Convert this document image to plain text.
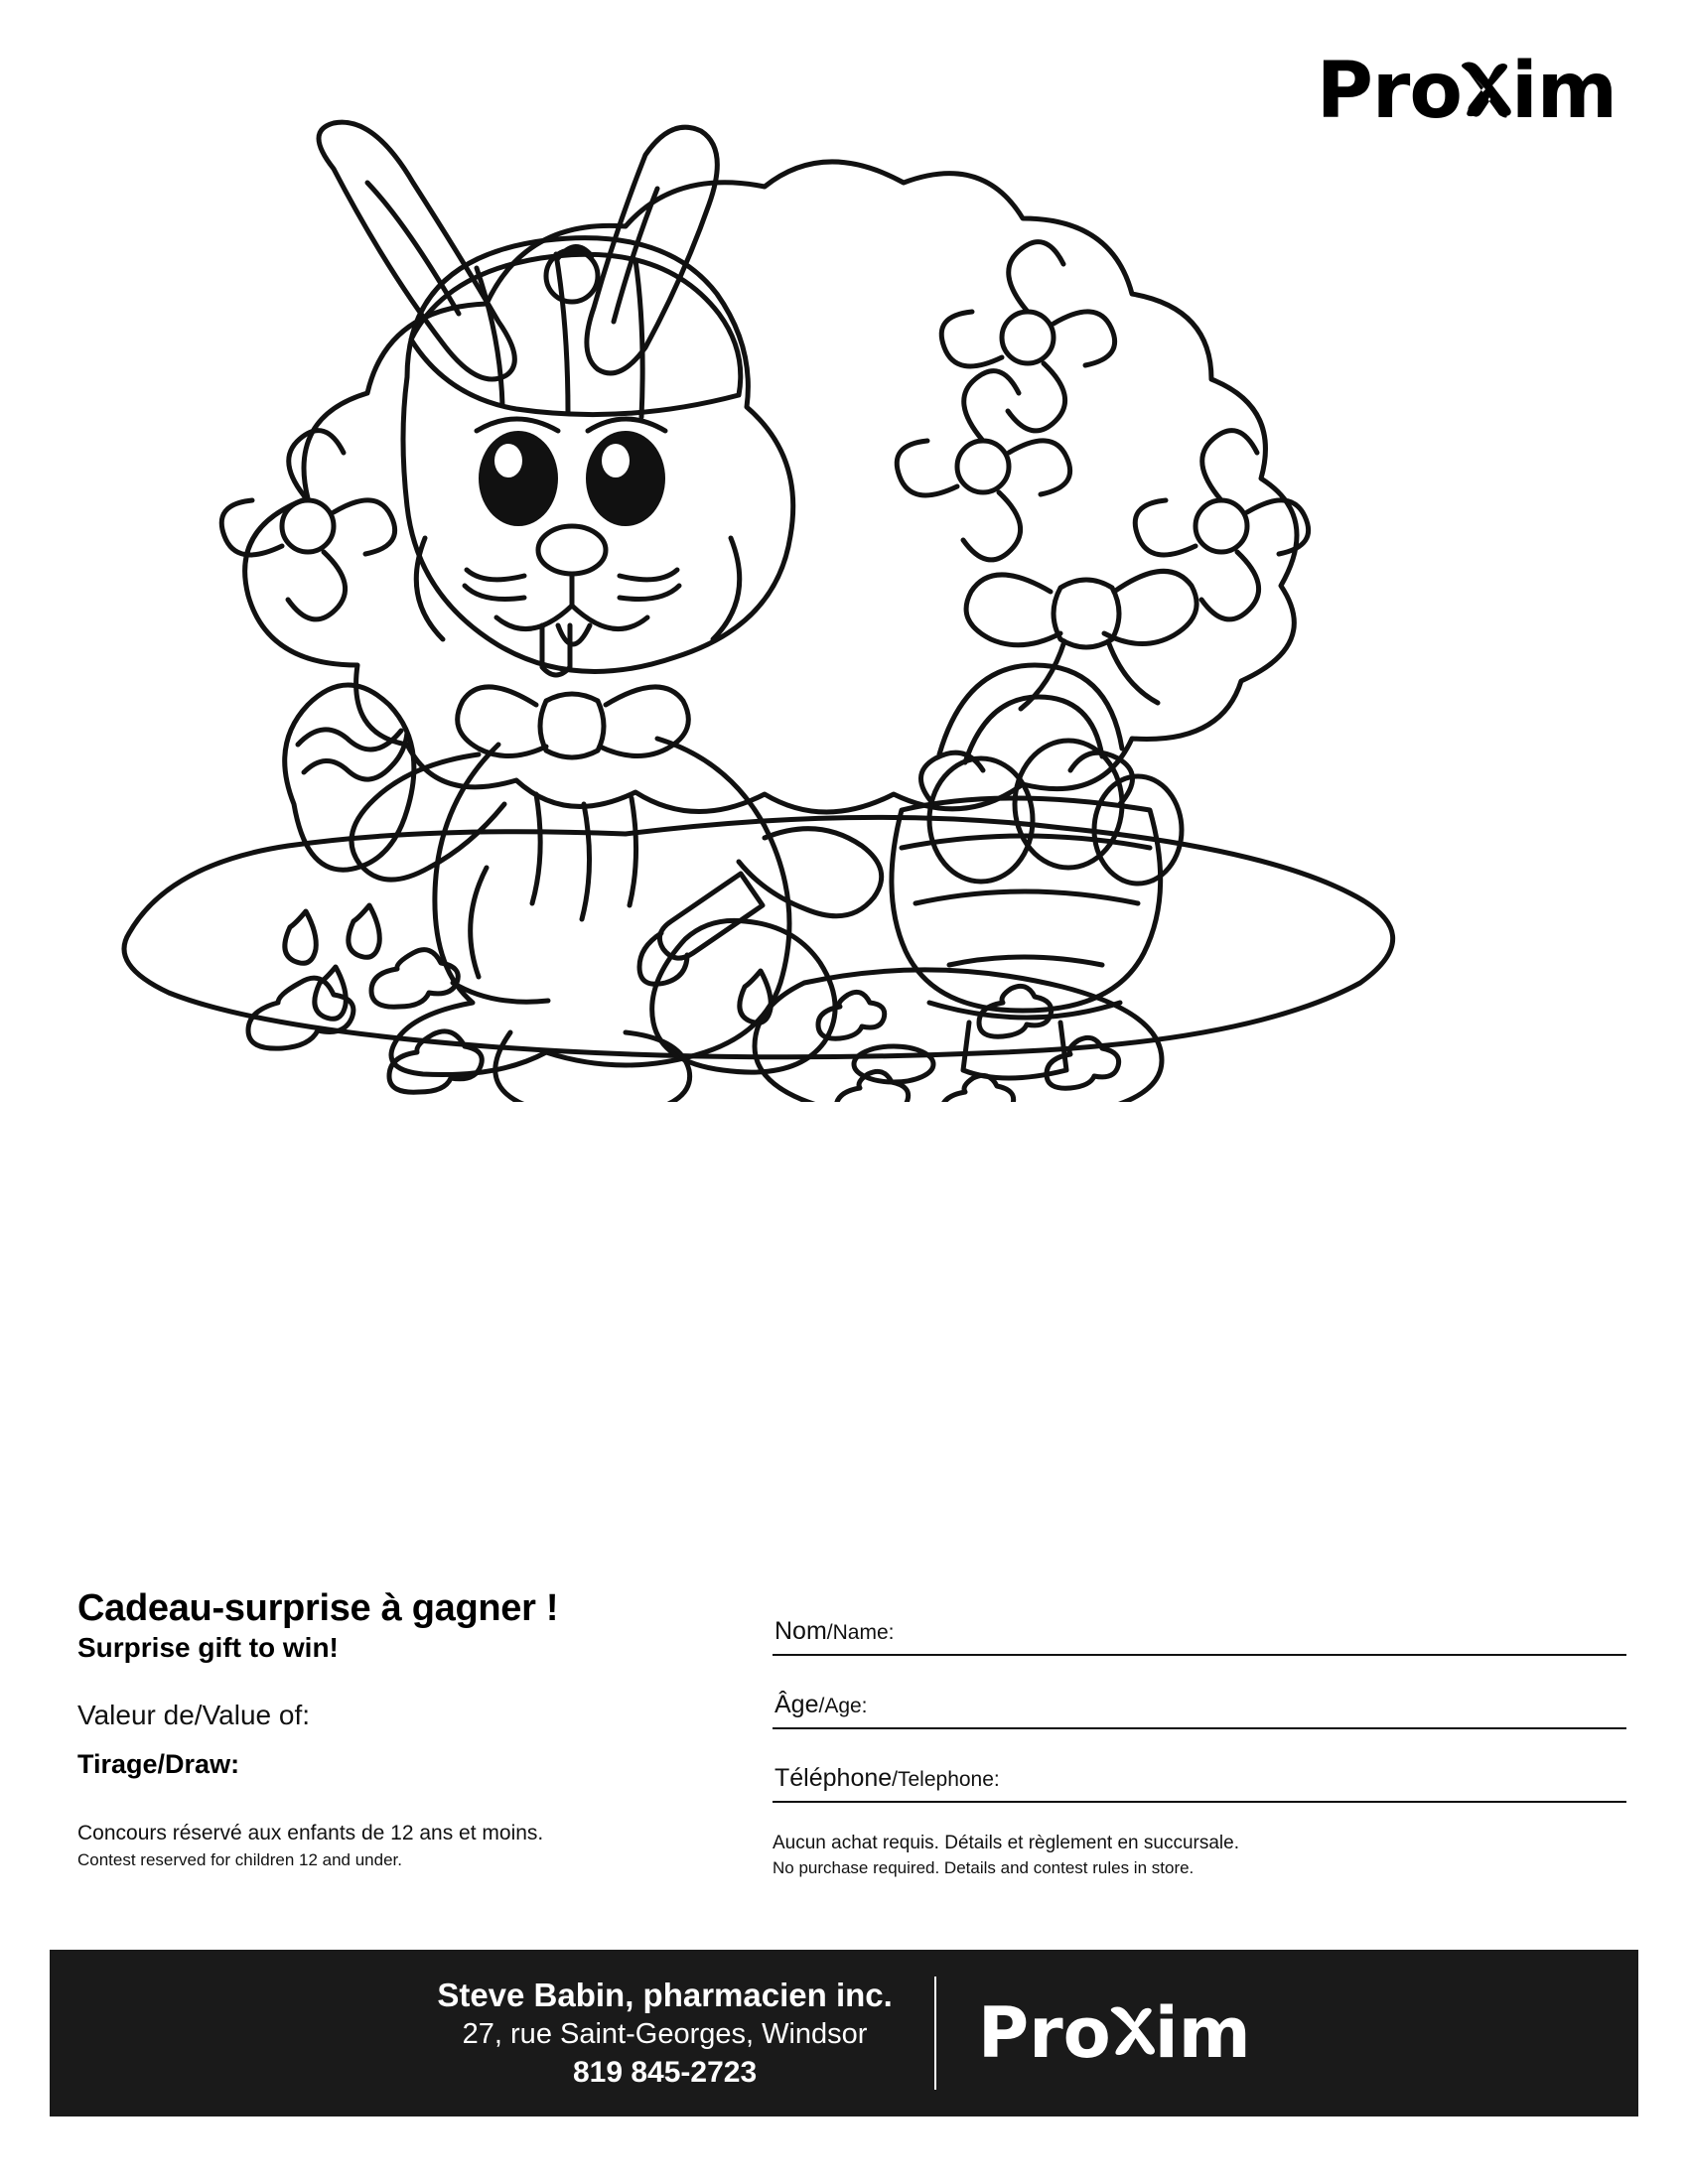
Pro im
Cadeau-surprise à gagner !
Surprise gift to win!
Valeur de/Value of:
Tirage/Draw:
Concours réservé aux enfants de 12 ans et moins.
Contest reserved for children 12 and under.
Nom/Name:
Âge/Age:
Téléphone/Telephone:
Aucun achat requis. Détails et règlement en succursale.
No purchase required. Details and contest rules in store.
Steve Babin, pharmacien inc.
27, rue Saint-Georges, Windsor
819 845-2723	Pro im
